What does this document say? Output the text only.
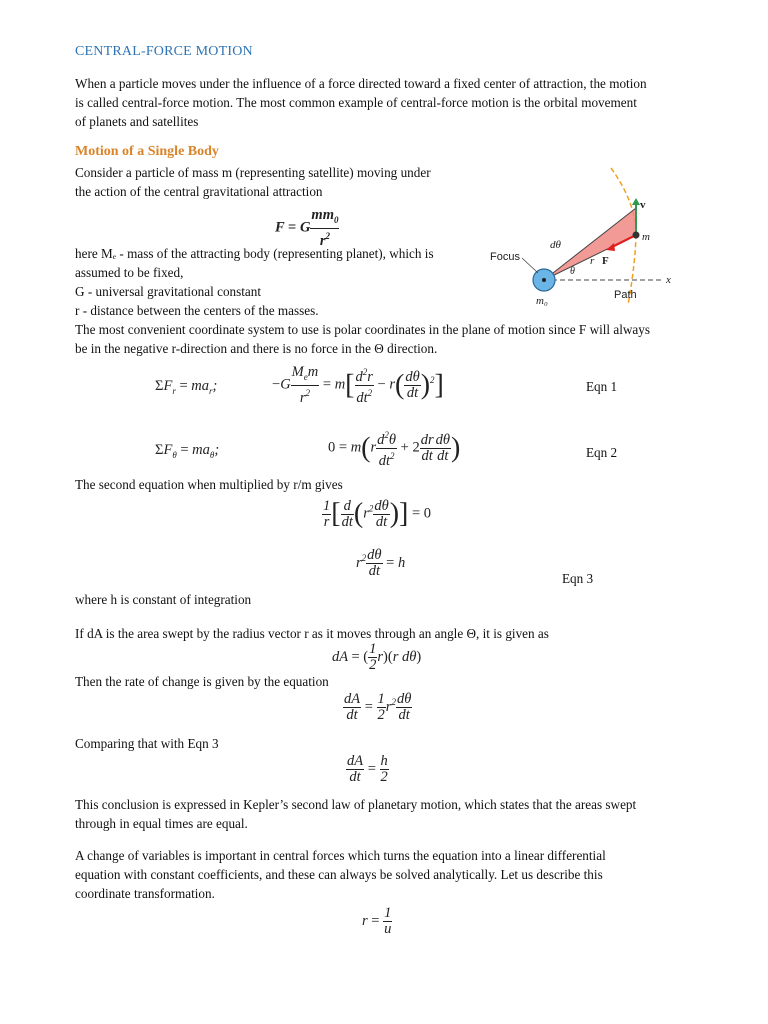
CENTRAL-FORCE MOTION
When a particle moves under the influence of a force directed toward a fixed center of attraction, the motion
is called central-force motion. The most common example of central-force motion is the orbital movement
of planets and satellites
Motion of a Single Body
Consider a particle of mass m (representing satellite) moving under
the action of the central gravitational attraction
F = G $\frac{mm_0}{r^2}$
here Mₑ - mass of the attracting body (representing planet), which is
assumed to be fixed,
G - universal gravitational constant
r - distance between the centers of the masses.
Focus
m₀	Path
dθ
θ
r F
m
v
x
The most convenient coordinate system to use is polar coordinates in the plane of motion since F will always
be in the negative r-direction and there is no force in the Θ direction.
$\Sigma F_r = ma_r$;	$-G \frac{M_em}{r^2} = m[ \frac{d^2r}{dt^2} - r( \frac{d\theta}{dt} )^2]$	Eqn 1
$\Sigma F_\theta = ma_\theta$;	$0 = m(r \frac{d^2\theta}{dt^2} + 2 \frac{dr}{dt} \frac{d\theta}{dt}$ )	Eqn 2
The second equation when multiplied by r/m gives
$\frac{1}{r}$ [ $\frac{d}{dt} (r^2 \frac{d\theta}{dt}$ )] = 0
$r^2 \frac{d\theta}{dt} = h$
Eqn 3
where h is constant of integration
If dA is the area swept by the radius vector r as it moves through an angle Θ, it is given as
dA = ( $\frac{1}{2} r)(r$ dθ)
Then the rate of change is given by the equation
$\frac{dA}{dt} = \frac{1}{2} r^2 \frac{d\theta}{dt}$
Comparing that with Eqn 3
$\frac{dA}{dt} = \frac{h}{2}$
This conclusion is expressed in Kepler’s second law of planetary motion, which states that the areas swept
through in equal times are equal.
A change of variables is important in central forces which turns the equation into a linear differential
equation with constant coefficients, and these can always be solved analytically. Let us describe this
coordinate transformation.
$r = \frac{1}{u}$
